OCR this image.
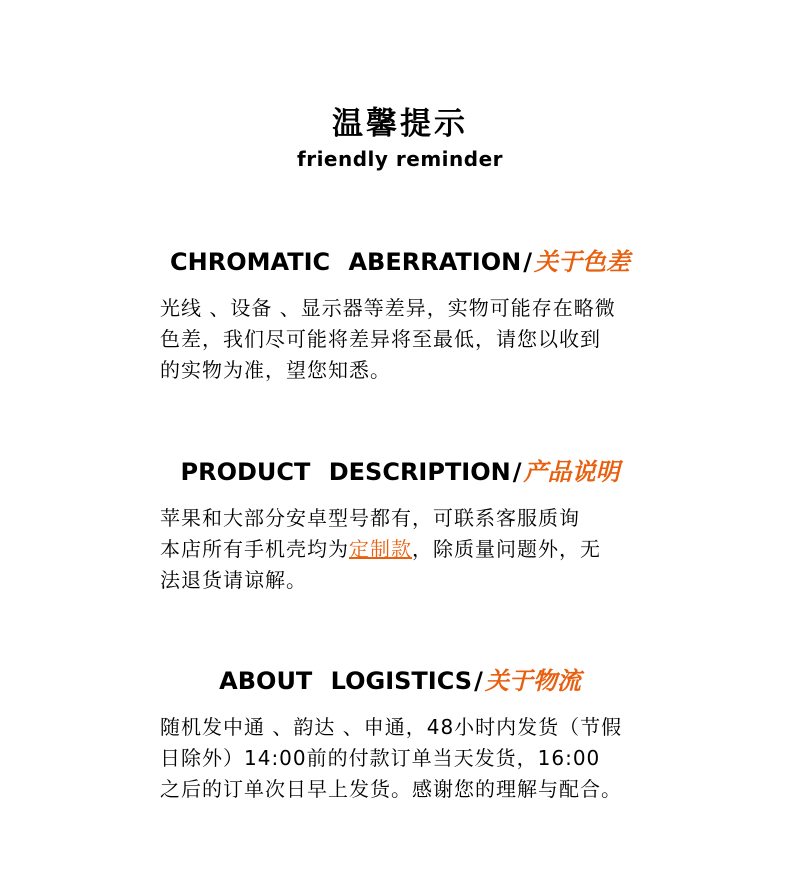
温馨提示
friendly reminder
CHROMATIC ABERRATION/关于色差

光线 、设备 、显示器等差异，实物可能存在略微

色差，我们尽可能将差异将至最低，请您以收到

的实物为准，望您知悉。

PRODUCT DESCRIPTION/产品说明

苹果和大部分安卓型号都有，可联系客服质询

本店所有手机壳均为定制款，除质量问题外，无

法退货请谅解。

ABOUT LOGISTICS/关于物流

随机发中通 、韵达 、申通，48小时内发货（节假

日除外）14:00前的付款订单当天发货，16:00

之后的订单次日早上发货。感谢您的理解与配合。
